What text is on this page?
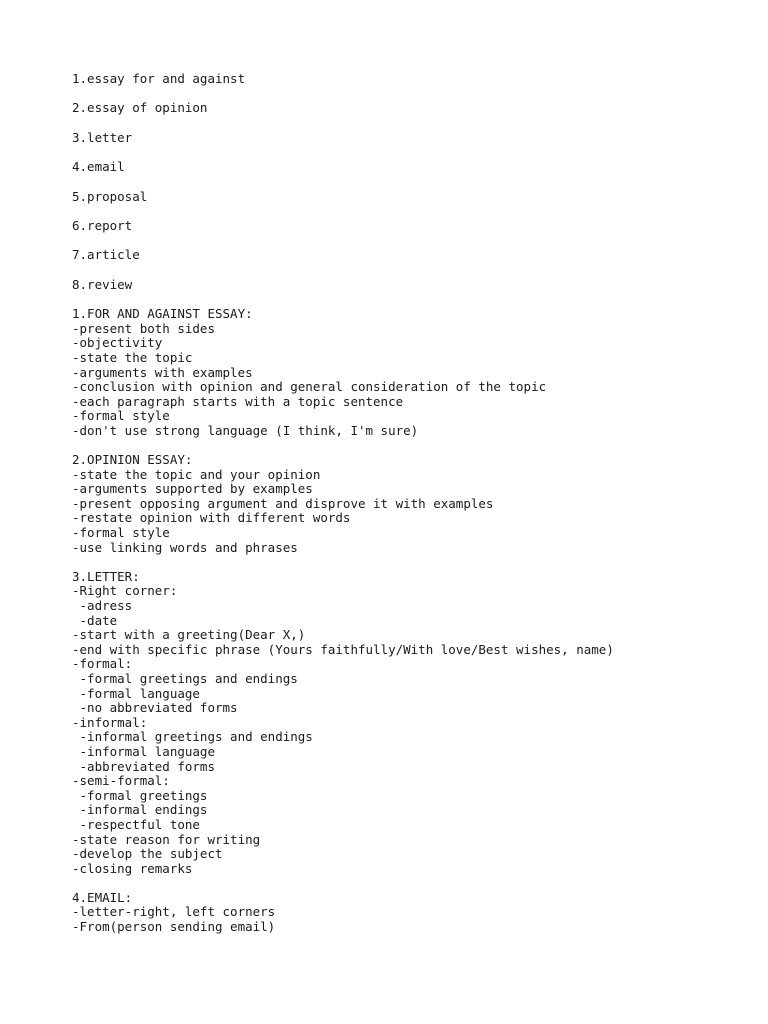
1.essay for and against
2.essay of opinion
3.letter
4.email
5.proposal
6.report
7.article
8.review
1.FOR AND AGAINST ESSAY:
-present both sides
-objectivity
-state the topic
-arguments with examples
-conclusion with opinion and general consideration of the topic
-each paragraph starts with a topic sentence
-formal style
-don't use strong language (I think, I'm sure)
2.OPINION ESSAY:
-state the topic and your opinion
-arguments supported by examples
-present opposing argument and disprove it with examples
-restate opinion with different words
-formal style
-use linking words and phrases
3.LETTER:
-Right corner:
-adress
-date
-start with a greeting(Dear X,)
-end with specific phrase (Yours faithfully/With love/Best wishes, name)
-formal:
-formal greetings and endings
-formal language
-no abbreviated forms
-informal:
-informal greetings and endings
-informal language
-abbreviated forms
-semi-formal:
-formal greetings
-informal endings
-respectful tone
-state reason for writing
-develop the subject
-closing remarks
4.EMAIL:
-letter-right, left corners
-From(person sending email)
